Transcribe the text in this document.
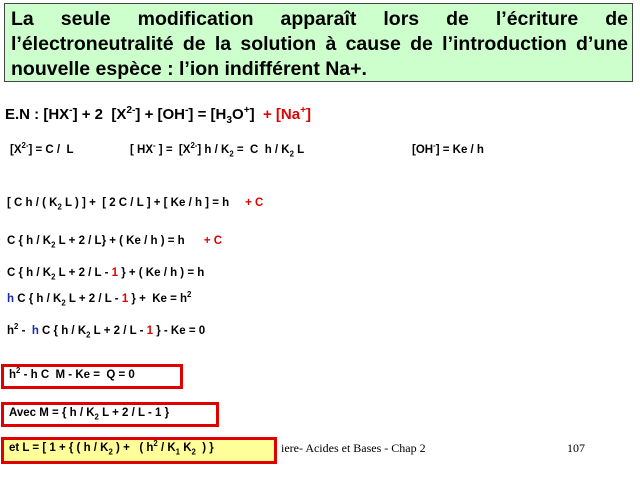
La seule modification apparaît lors de l’écriture de l’électroneutralité de la solution à cause de l’introduction d’une nouvelle espèce : l’ion indifférent Na+.
E.N : [HX-] + 2  $[X^{2-}] + [OH^-] = [H_3O^+] + [Na^+]$
$[X^{2-}] = C / L$	[ HX- ] =  $[X^{2-}]$ $h / K_2 = C$  h / $K_2$ L	[OH-] = Ke / h
[ C h / ( $K_2$ L ) ] +  [ 2 C / L ] + [ Ke / h ] = h     + C
C { h / $K_2$ L + 2 / L} + ( Ke / h ) = h      + C
C { h / $K_2$ L + 2 / L - 1 } + ( Ke / h ) = h
h C { h / $K_2$ L + 2 / L - 1 } +  $Ke = h^2$
$h^2$ -  h C { h / $K_2$ L + 2 / L - 1 } - Ke = 0
$h^2$ - h C  M - Ke =  Q = 0
Avec M = { h / $K_2$ L + 2 / L - 1 }
iere- Acides et Bases - Chap 2	107
et L = [ 1 + { ( h / $K_2$ ) +   ( $h^2 / K_1$ $K_2$  ) }
